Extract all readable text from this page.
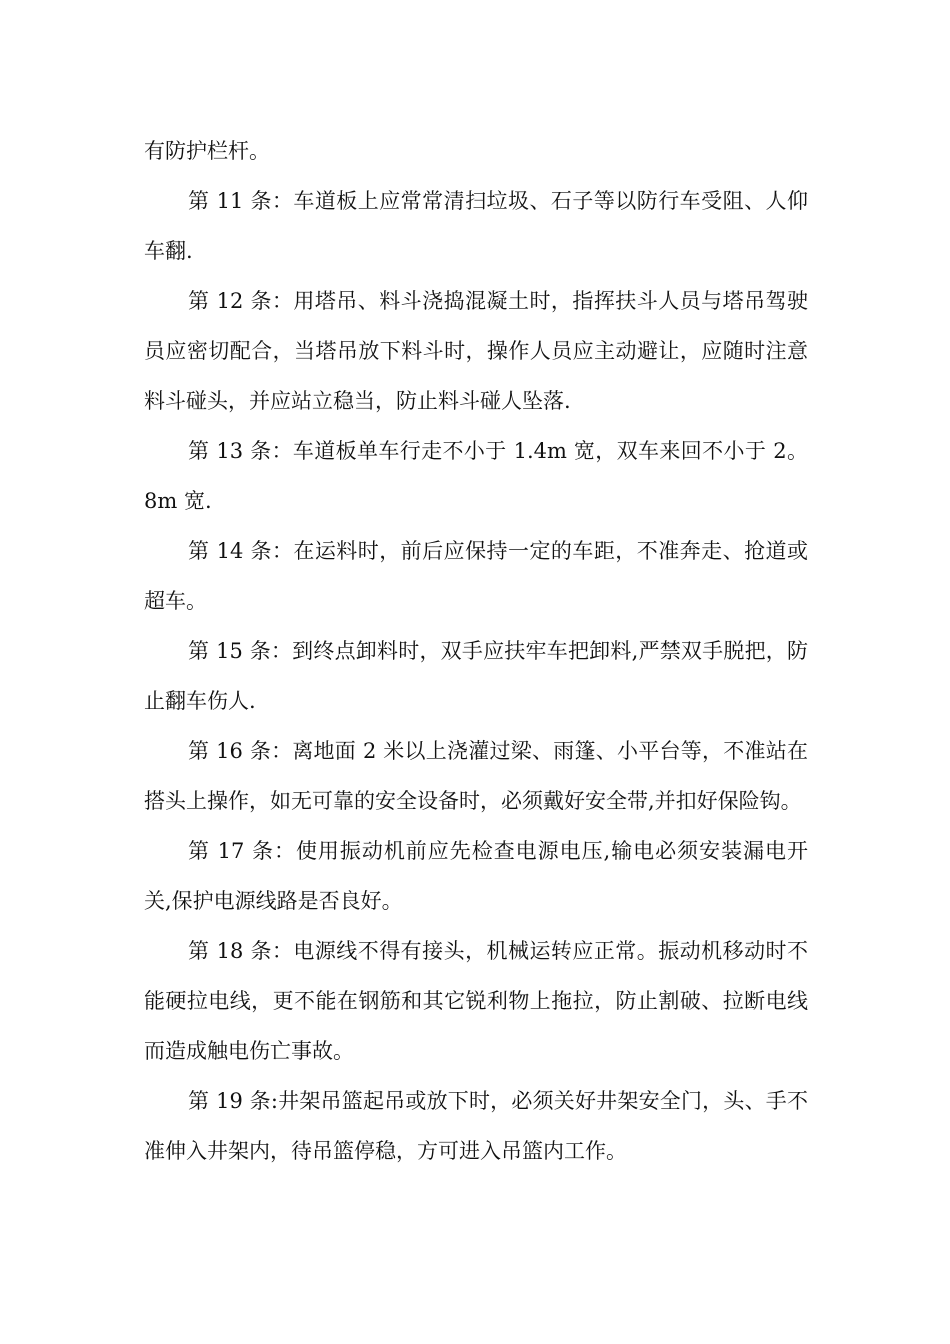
有防护栏杆。

第 11 条：车道板上应常常清扫垃圾、石子等以防行车受阻、人仰车翻.

第 12 条：用塔吊、料斗浇捣混凝土时，指挥扶斗人员与塔吊驾驶员应密切配合，当塔吊放下料斗时，操作人员应主动避让，应随时注意料斗碰头，并应站立稳当，防止料斗碰人坠落.

第 13 条：车道板单车行走不小于 1.4m 宽，双车来回不小于 2。8m 宽.

第 14 条：在运料时，前后应保持一定的车距，不准奔走、抢道或超车。

第 15 条：到终点卸料时，双手应扶牢车把卸料,严禁双手脱把，防止翻车伤人.

第 16 条：离地面 2 米以上浇灌过梁、雨篷、小平台等，不准站在搭头上操作，如无可靠的安全设备时，必须戴好安全带,并扣好保险钩。

第 17 条：使用振动机前应先检查电源电压,输电必须安装漏电开关,保护电源线路是否良好。

第 18 条：电源线不得有接头，机械运转应正常。振动机移动时不能硬拉电线，更不能在钢筋和其它锐利物上拖拉，防止割破、拉断电线而造成触电伤亡事故。

第 19 条:井架吊篮起吊或放下时，必须关好井架安全门，头、手不准伸入井架内，待吊篮停稳，方可进入吊篮内工作。
